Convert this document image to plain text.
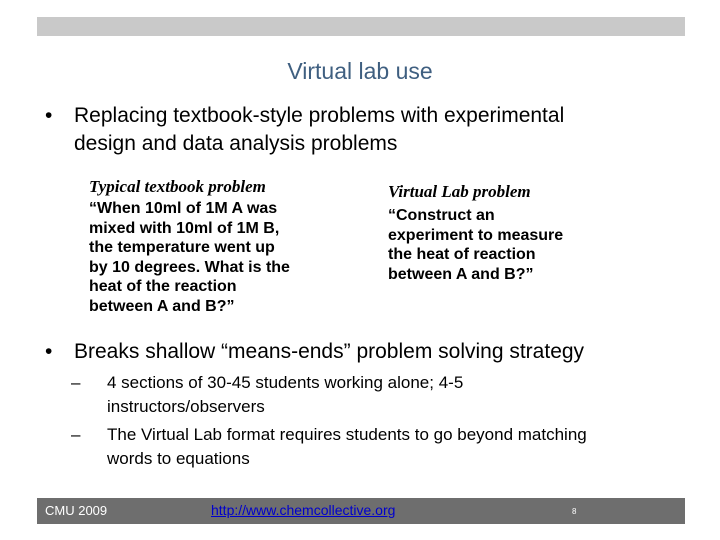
Virtual lab use
• Replacing textbook-style problems with experimental
design and data analysis problems
Typical textbook problem
“When 10ml of 1M A was
mixed with 10ml of 1M B,
the temperature went up
by 10 degrees. What is the
heat of the reaction
between A and B?”
Virtual Lab problem
“Construct an
experiment to measure
the heat of reaction
between A and B?”
• Breaks shallow “means-ends” problem solving strategy

–

4 sections of 30-45 students working alone; 4-5
instructors/observers

–

The Virtual Lab format requires students to go beyond matching
words to equations

CMU 2009	http://www.chemcollective.org	8
